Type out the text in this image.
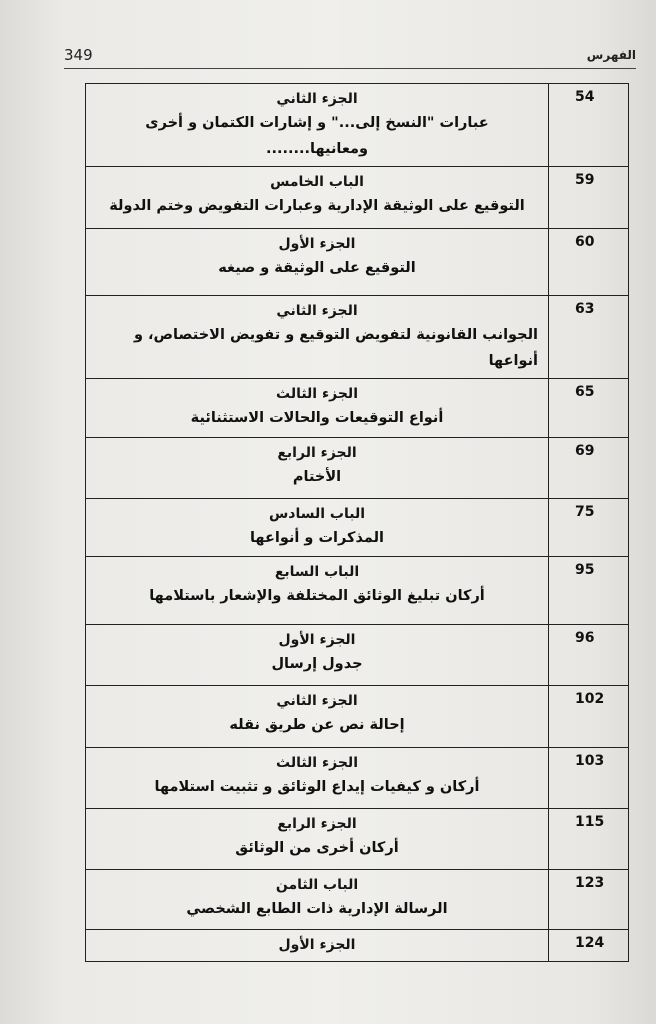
349	الفهرس
الجزء الثاني
عبارات "النسخ إلى..." و إشارات الكتمان و أخرى ومعانيها........	54

الباب الخامس
التوقيع على الوثيقة الإدارية وعبارات التفويض وختم الدولة	59

الجزء الأول
التوقيع على الوثيقة و صيغه	60

الجزء الثاني
الجوانب القانونية لتفويض التوقيع و تفويض الاختصاص، و أنواعها	63

الجزء الثالث
أنواع التوقيعات والحالات الاستثنائية	65

الجزء الرابع
الأختام	69

الباب السادس
المذكرات و أنواعها	75

الباب السابع
أركان تبليغ الوثائق المختلفة والإشعار باستلامها	95

الجزء الأول
جدول إرسال	96

الجزء الثاني
إحالة نص عن طريق نقله	102

الجزء الثالث
أركان و كيفيات إيداع الوثائق و تثبيت استلامها	103

الجزء الرابع
أركان أخرى من الوثائق	115

الباب الثامن
الرسالة الإدارية ذات الطابع الشخصي	123

الجزء الأول	124
